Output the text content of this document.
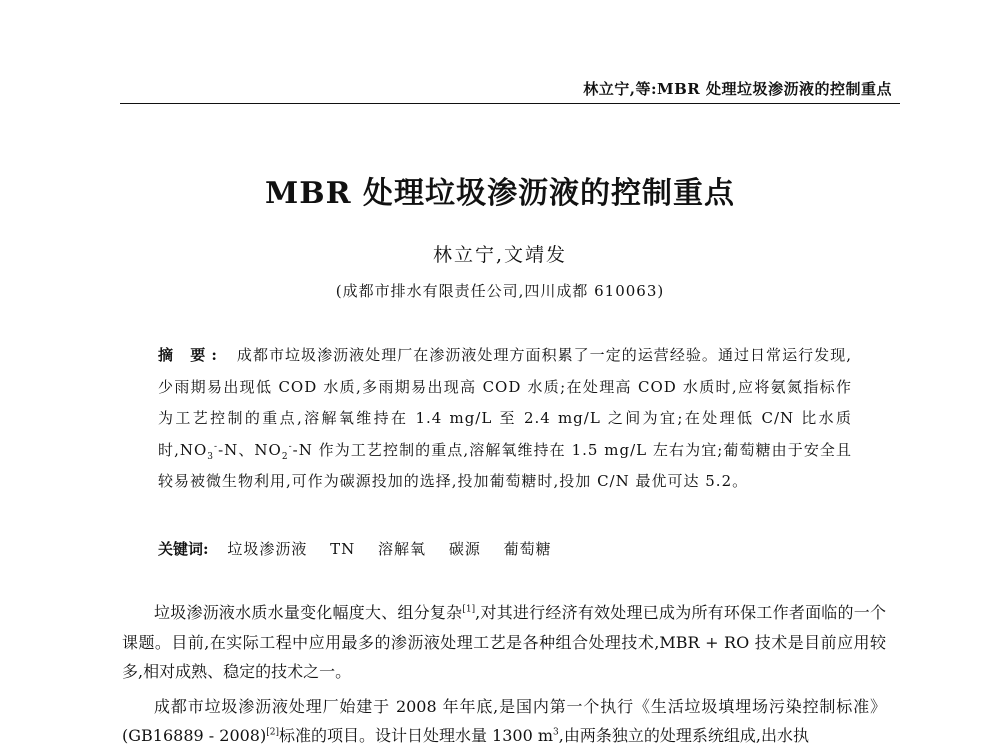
林立宁,等:MBR 处理垃圾渗沥液的控制重点
MBR 处理垃圾渗沥液的控制重点
林立宁,文靖发
(成都市排水有限责任公司,四川成都 610063)
摘 要: 成都市垃圾渗沥液处理厂在渗沥液处理方面积累了一定的运营经验。通过日常运行发现,少雨期易出现低 COD 水质,多雨期易出现高 COD 水质;在处理高 COD 水质时,应将氨氮指标作为工艺控制的重点,溶解氧维持在 1.4 mg/L 至 2.4 mg/L 之间为宜;在处理低 C/N 比水质时$,NO_3^--N$、$NO_2^--N$ 作为工艺控制的重点,溶解氧维持在 1.5 mg/L 左右为宜;葡萄糖由于安全且较易被微生物利用,可作为碳源投加的选择,投加葡萄糖时,投加 C/N 最优可达 5.2。
关键词: 垃圾渗沥液 TN 溶解氧 碳源 葡萄糖

垃圾渗沥液水质水量变化幅度大、组分复杂[1],对其进行经济有效处理已成为所有环保工作者面临的一个课题。目前,在实际工程中应用最多的渗沥液处理工艺是各种组合处理技术,MBR + RO 技术是目前应用较多,相对成熟、稳定的技术之一。

成都市垃圾渗沥液处理厂始建于 2008 年年底,是国内第一个执行《生活垃圾填埋场污染控制标准》(GB16889 - 2008)[2]标准的项目。设计日处理水量 1300 $m^3$,由两条独立的处理系统组成,出水执
